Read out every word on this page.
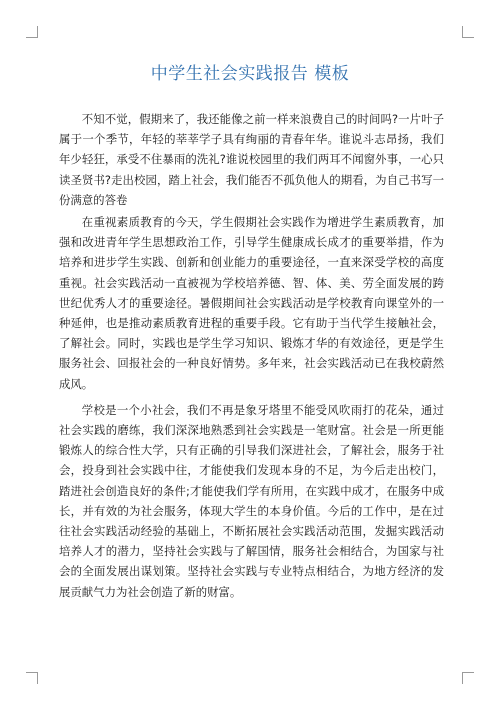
中学生社会实践报告 模板

不知不觉，假期来了，我还能像之前一样来浪费自己的时间吗?一片叶子属于一个季节，年轻的莘莘学子具有绚丽的青春年华。谁说斗志昂扬，我们年少轻狂，承受不住暴雨的洗礼?谁说校园里的我们两耳不闻窗外事，一心只读圣贤书?走出校园，踏上社会，我们能否不孤负他人的期看，为自己书写一份满意的答卷

在重视素质教育的今天，学生假期社会实践作为增进学生素质教育，加强和改进青年学生思想政治工作，引导学生健康成长成才的重要举措，作为培养和进步学生实践、创新和创业能力的重要途径，一直来深受学校的高度重视。社会实践活动一直被视为学校培养德、智、体、美、劳全面发展的跨世纪优秀人才的重要途径。暑假期间社会实践活动是学校教育向课堂外的一种延伸，也是推动素质教育进程的重要手段。它有助于当代学生接触社会，了解社会。同时，实践也是学生学习知识、锻炼才华的有效途径，更是学生服务社会、回报社会的一种良好情势。多年来，社会实践活动已在我校蔚然成风。

学校是一个小社会，我们不再是象牙塔里不能受风吹雨打的花朵，通过社会实践的磨练，我们深深地熟悉到社会实践是一笔财富。社会是一所更能锻炼人的综合性大学，只有正确的引导我们深进社会，了解社会，服务于社会，投身到社会实践中往，才能使我们发现本身的不足，为今后走出校门，踏进社会创造良好的条件;才能使我们学有所用，在实践中成才，在服务中成长，并有效的为社会服务，体现大学生的本身价值。今后的工作中，是在过往社会实践活动经验的基础上，不断拓展社会实践活动范围，发掘实践活动培养人才的潜力，坚持社会实践与了解国情，服务社会相结合，为国家与社会的全面发展出谋划策。坚持社会实践与专业特点相结合，为地方经济的发展贡献气力为社会创造了新的财富。
